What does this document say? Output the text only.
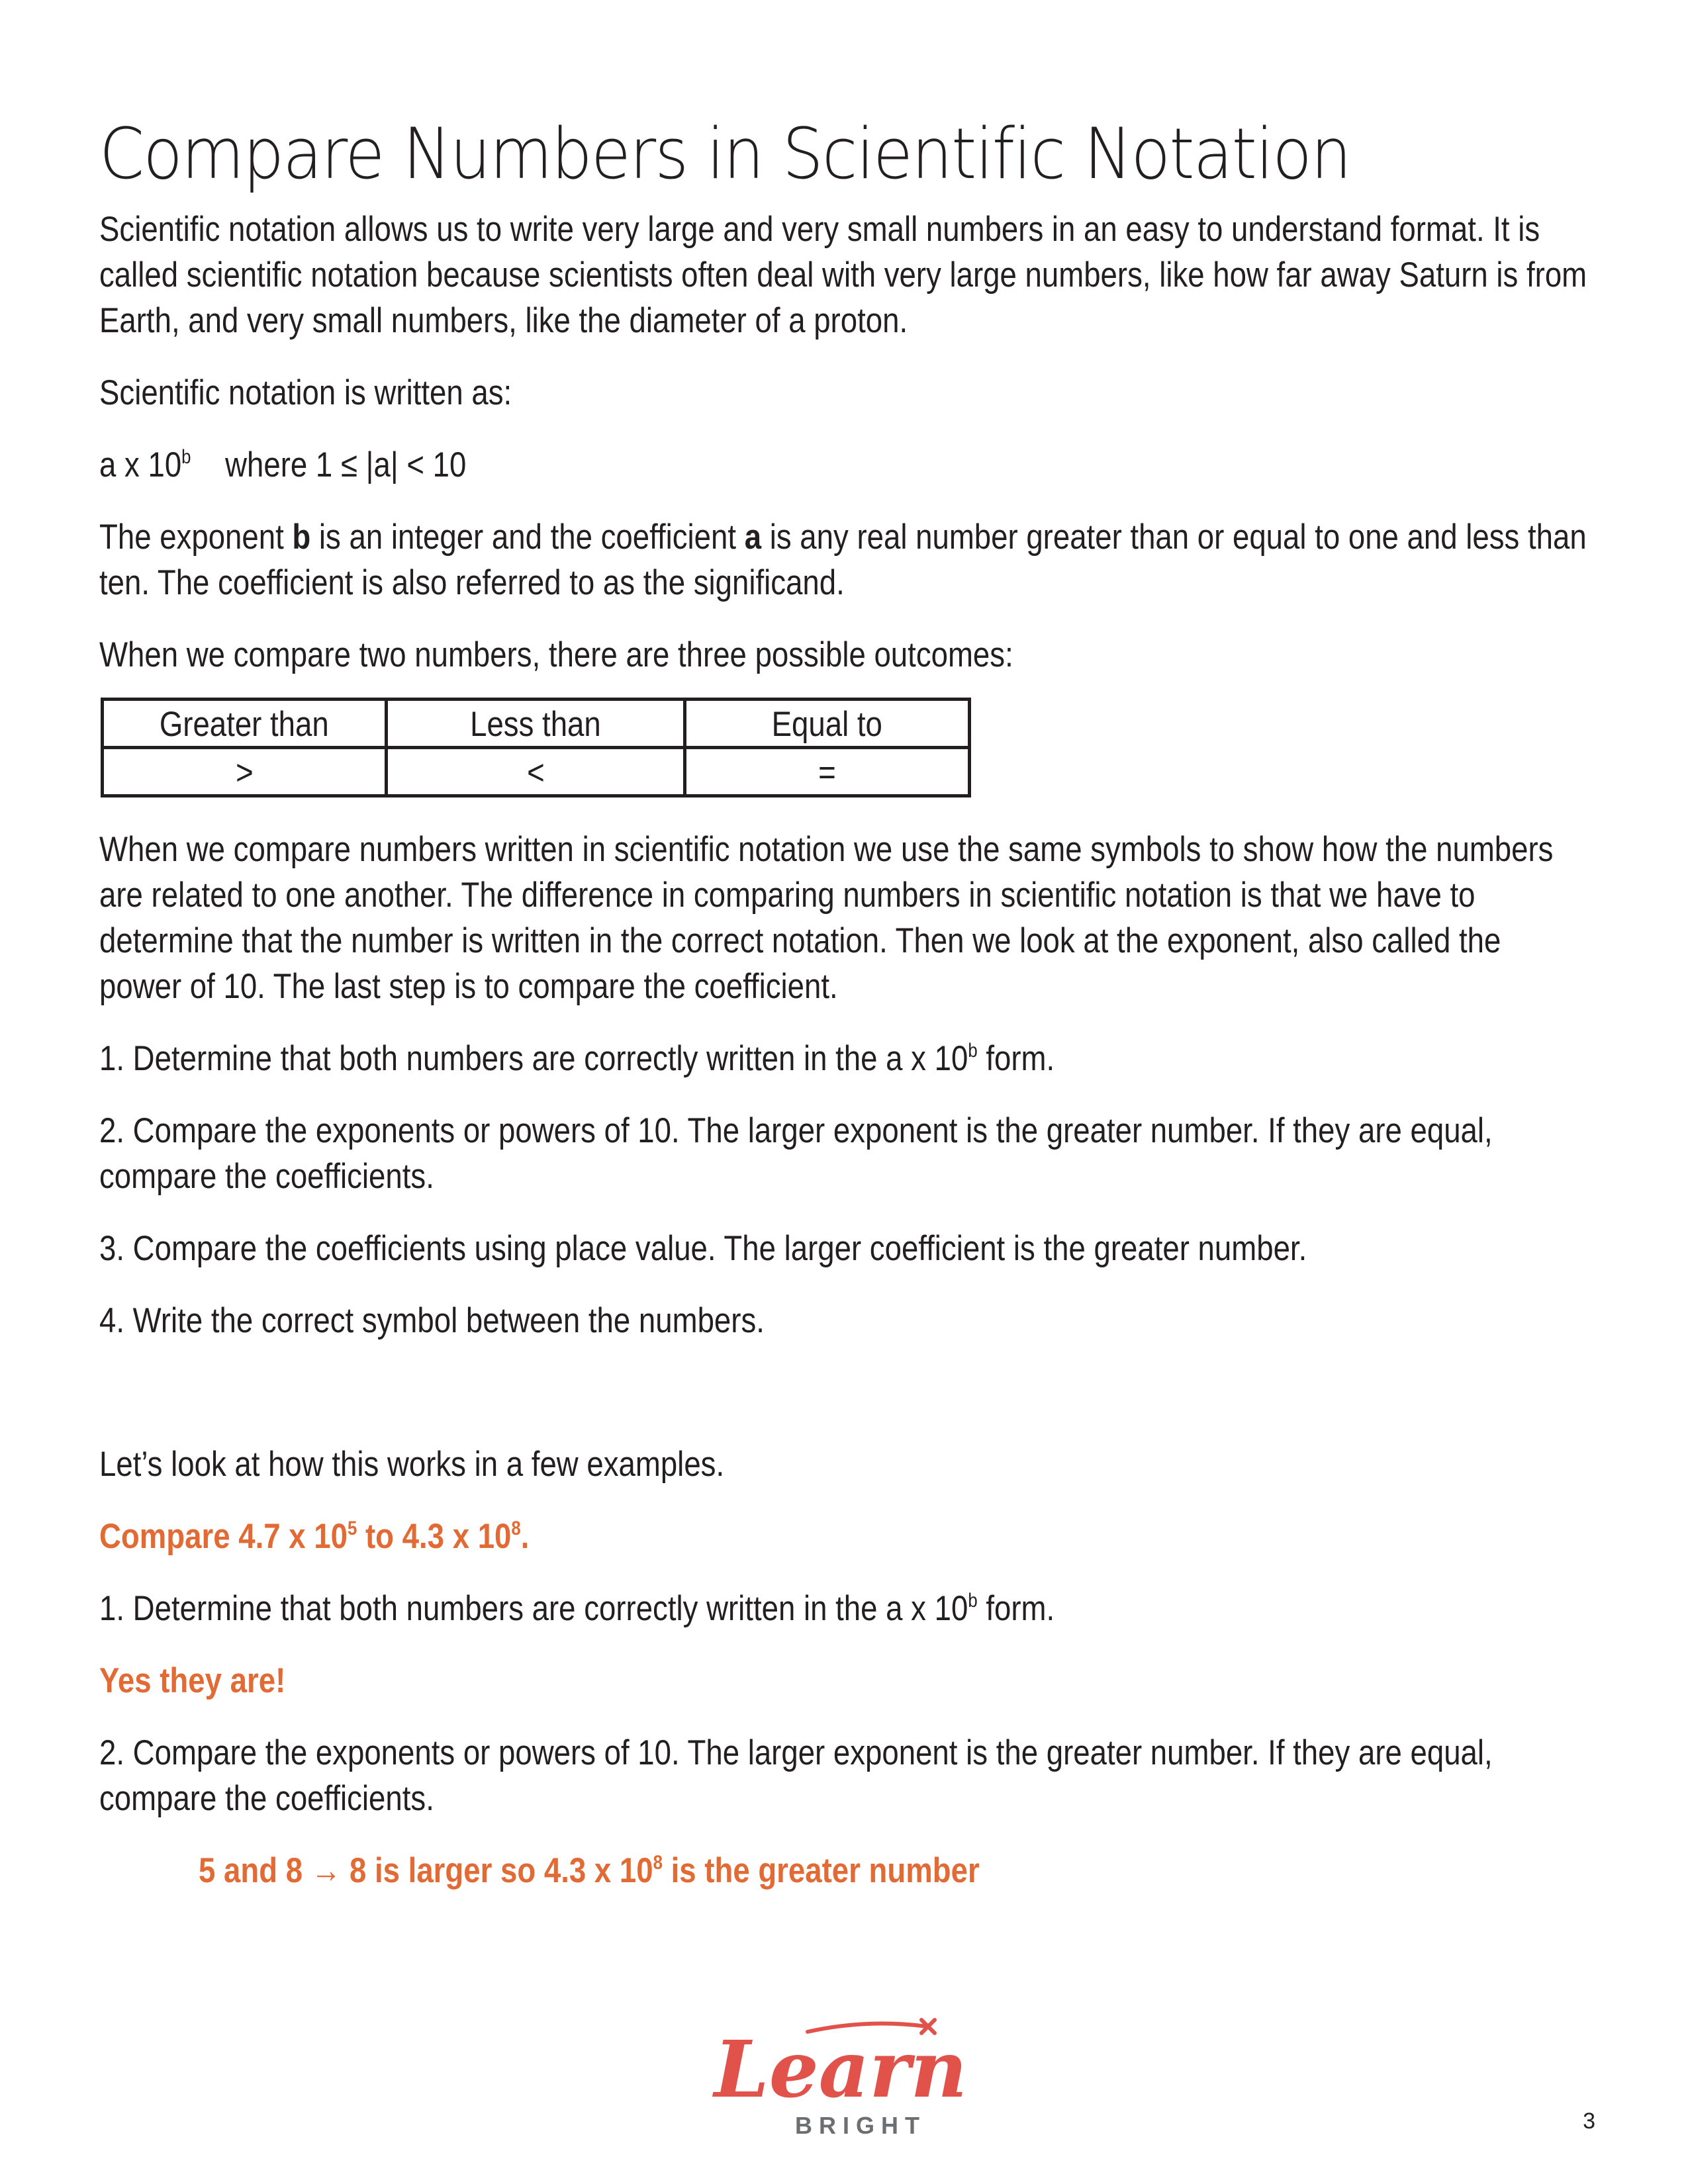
Compare Numbers in Scientific Notation

Scientific notation allows us to write very large and very small numbers in an easy to understand format. It is called scientific notation because scientists often deal with very large numbers, like how far away Saturn is from Earth, and very small numbers, like the diameter of a proton.

Scientific notation is written as:

a x 10$^b$ where 1 ≤ |a| < 10

The exponent b is an integer and the coefficient a is any real number greater than or equal to one and less than ten. The coefficient is also referred to as the significand.

When we compare two numbers, there are three possible outcomes:

Greater than	Less than	Equal to
>	<	=

When we compare numbers written in scientific notation we use the same symbols to show how the numbers are related to one another. The difference in comparing numbers in scientific notation is that we have to determine that the number is written in the correct notation. Then we look at the exponent, also called the power of 10. The last step is to compare the coefficient.

1. Determine that both numbers are correctly written in the a x 10$^b$ form.

2. Compare the exponents or powers of 10. The larger exponent is the greater number. If they are equal, compare the coefficients.

3. Compare the coefficients using place value. The larger coefficient is the greater number.

4. Write the correct symbol between the numbers.

Let’s look at how this works in a few examples.

Compare 4.7 x $10^5$ to 4.3 x $10^8$.

1. Determine that both numbers are correctly written in the a x 10$^b$ form.

Yes they are!

2. Compare the exponents or powers of 10. The larger exponent is the greater number. If they are equal, compare the coefficients.

5 and 8 → 8 is larger so 4.3 x $10^8$ is the greater number

Learn
BRIGHT	3
